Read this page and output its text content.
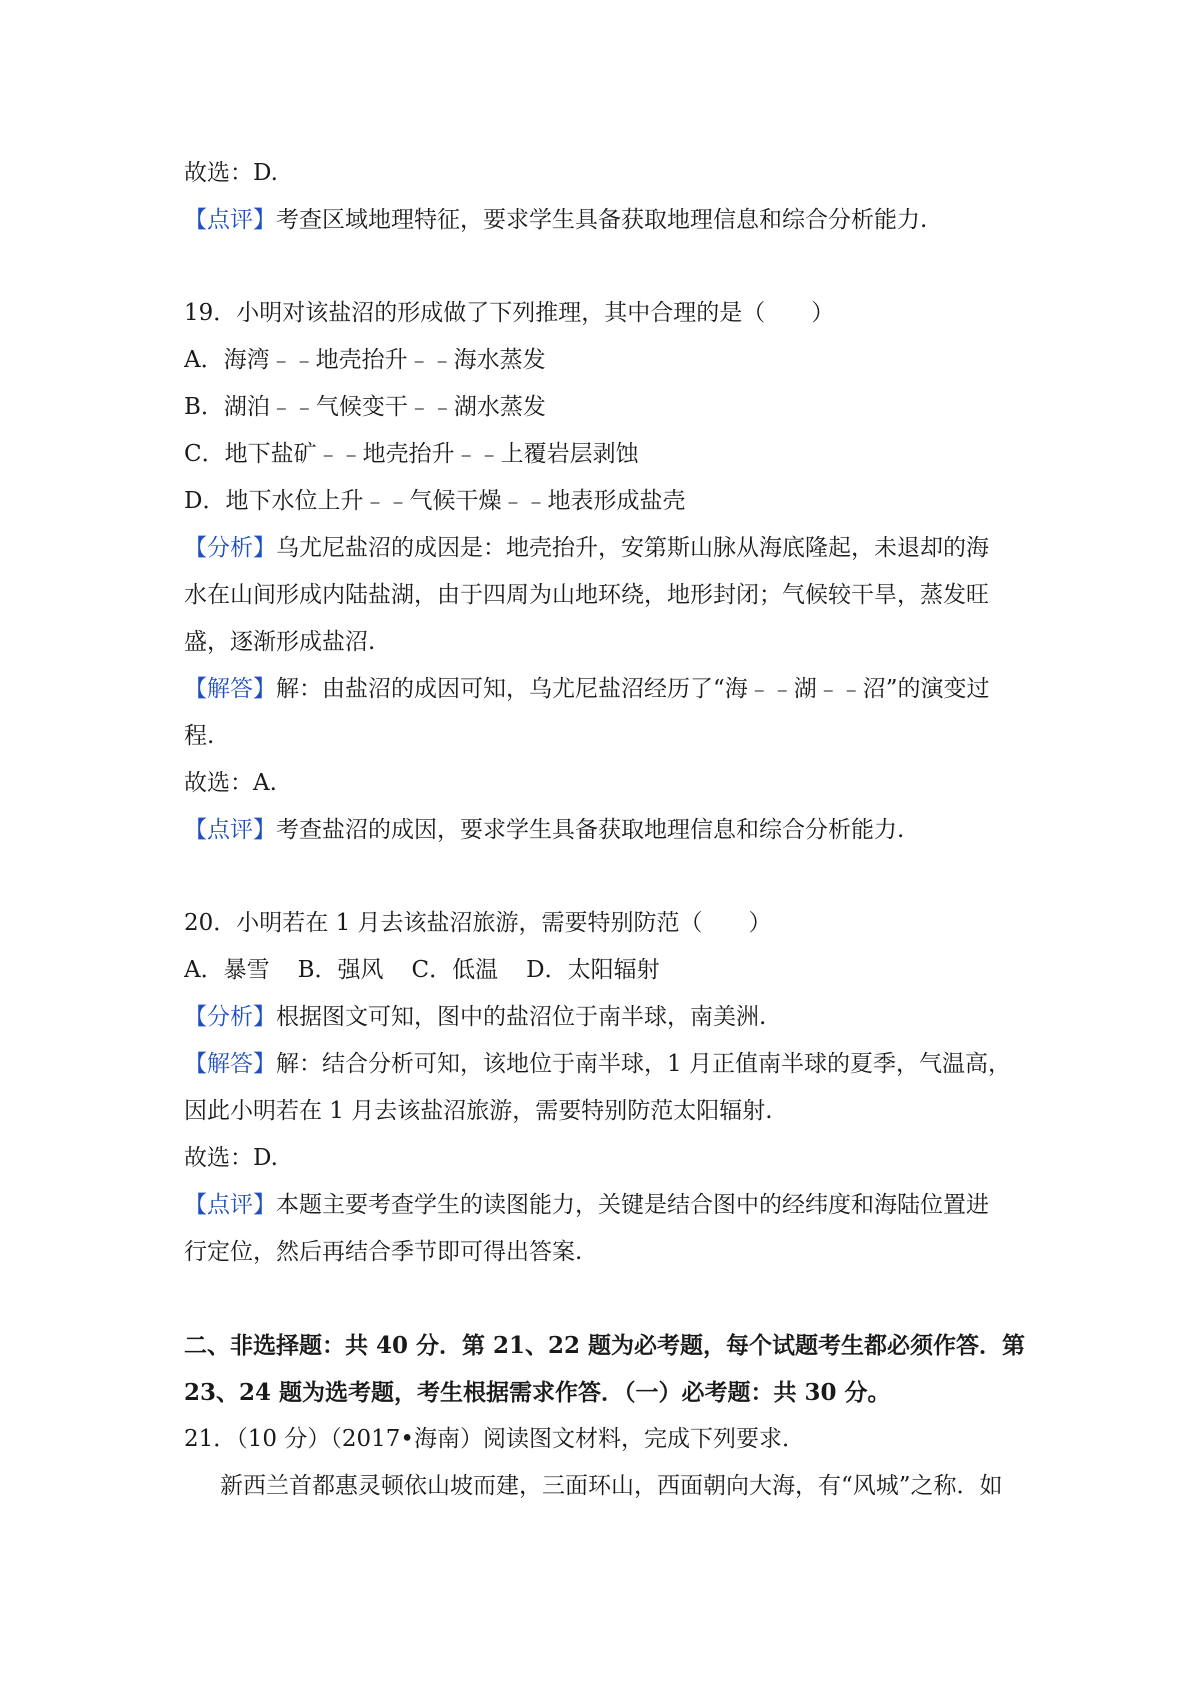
故选：D.
【点评】考查区域地理特征，要求学生具备获取地理信息和综合分析能力.
19．小明对该盐沼的形成做了下列推理，其中合理的是（　　）
A．海湾﹣﹣地壳抬升﹣﹣海水蒸发
B．湖泊﹣﹣气候变干﹣﹣湖水蒸发
C．地下盐矿﹣﹣地壳抬升﹣﹣上覆岩层剥蚀
D．地下水位上升﹣﹣气候干燥﹣﹣地表形成盐壳
【分析】乌尤尼盐沼的成因是：地壳抬升，安第斯山脉从海底隆起，未退却的海
水在山间形成内陆盐湖，由于四周为山地环绕，地形封闭；气候较干旱，蒸发旺
盛，逐渐形成盐沼.
【解答】解：由盐沼的成因可知，乌尤尼盐沼经历了“海﹣﹣湖﹣﹣沼”的演变过
程.
故选：A.
【点评】考查盐沼的成因，要求学生具备获取地理信息和综合分析能力.
20．小明若在 1 月去该盐沼旅游，需要特别防范（　　）
A．暴雪 B．强风 C．低温 D．太阳辐射
【分析】根据图文可知，图中的盐沼位于南半球，南美洲.
【解答】解：结合分析可知，该地位于南半球，1 月正值南半球的夏季，气温高，
因此小明若在 1 月去该盐沼旅游，需要特别防范太阳辐射.
故选：D.
【点评】本题主要考查学生的读图能力，关键是结合图中的经纬度和海陆位置进
行定位，然后再结合季节即可得出答案.
二、非选择题：共 40 分．第 21、22 题为必考题，每个试题考生都必须作答．第
23、24 题为选考题，考生根据需求作答．（一）必考题：共 30 分。
21．（10 分）（2017•海南）阅读图文材料，完成下列要求．
新西兰首都惠灵顿依山坡而建，三面环山，西面朝向大海，有“风城”之称．如
